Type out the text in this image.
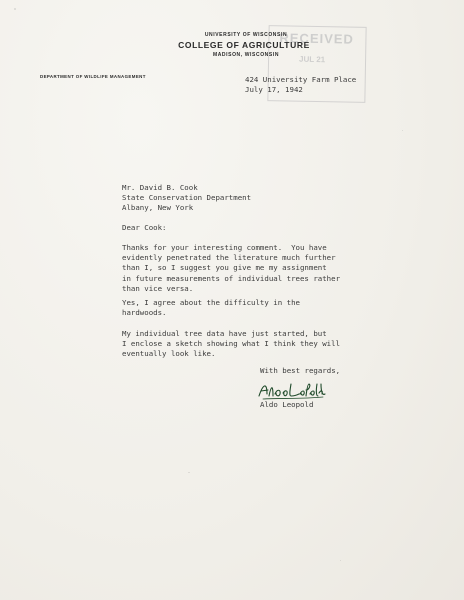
RECEIVED
JUL 21
UNIVERSITY OF WISCONSIN
COLLEGE OF AGRICULTURE
MADISON, WISCONSIN
DEPARTMENT OF WILDLIFE MANAGEMENT	424 University Farm Place
July 17, 1942
Mr. David B. Cook
State Conservation Department
Albany, New York
Dear Cook:
Thanks for your interesting comment.  You have
evidently penetrated the literature much further
than I, so I suggest you give me my assignment
in future measurements of individual trees rather
than vice versa.
Yes, I agree about the difficulty in the
hardwoods.
My individual tree data have just started, but
I enclose a sketch showing what I think they will
eventually look like.
With best regards,
Aldo Leopold
